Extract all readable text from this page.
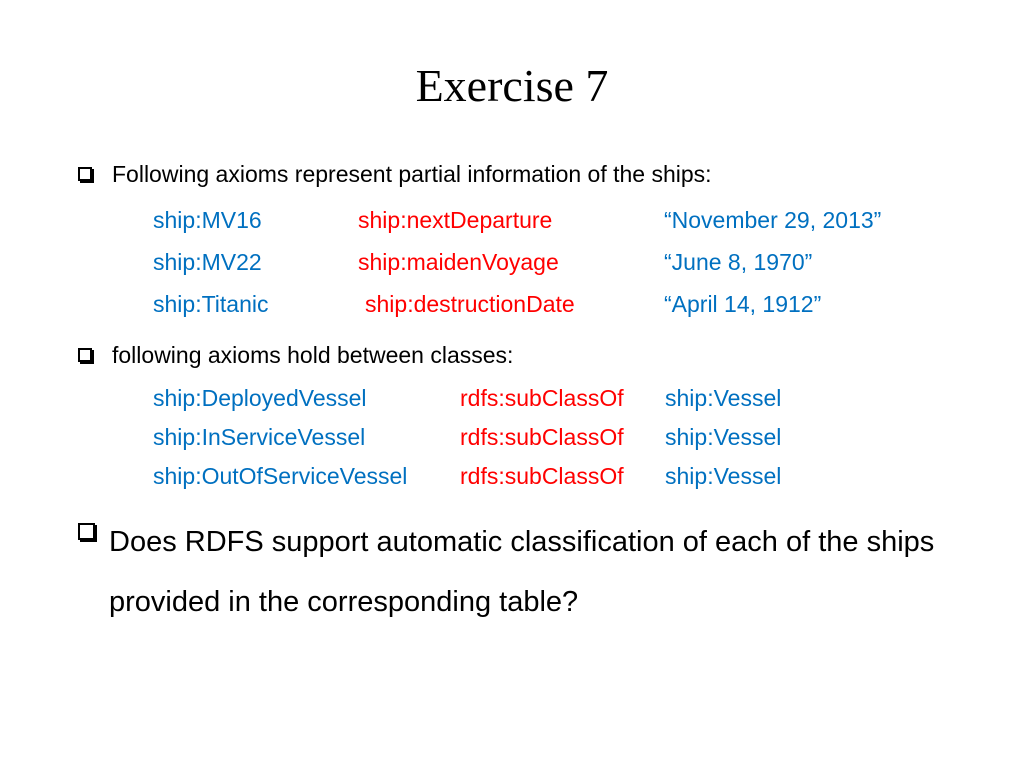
Exercise 7
Following axioms represent partial information of the ships:
ship:MV16	ship:nextDeparture	“November 29, 2013”
ship:MV22	ship:maidenVoyage	“June 8, 1970”
ship:Titanic	ship:destructionDate	“April 14, 1912”
following axioms hold between classes:
ship:DeployedVessel	rdfs:subClassOf ship:Vessel
ship:InServiceVessel	rdfs:subClassOf ship:Vessel
ship:OutOfServiceVessel rdfs:subClassOf ship:Vessel
Does RDFS support automatic classification of each of the ships provided in the corresponding table?
